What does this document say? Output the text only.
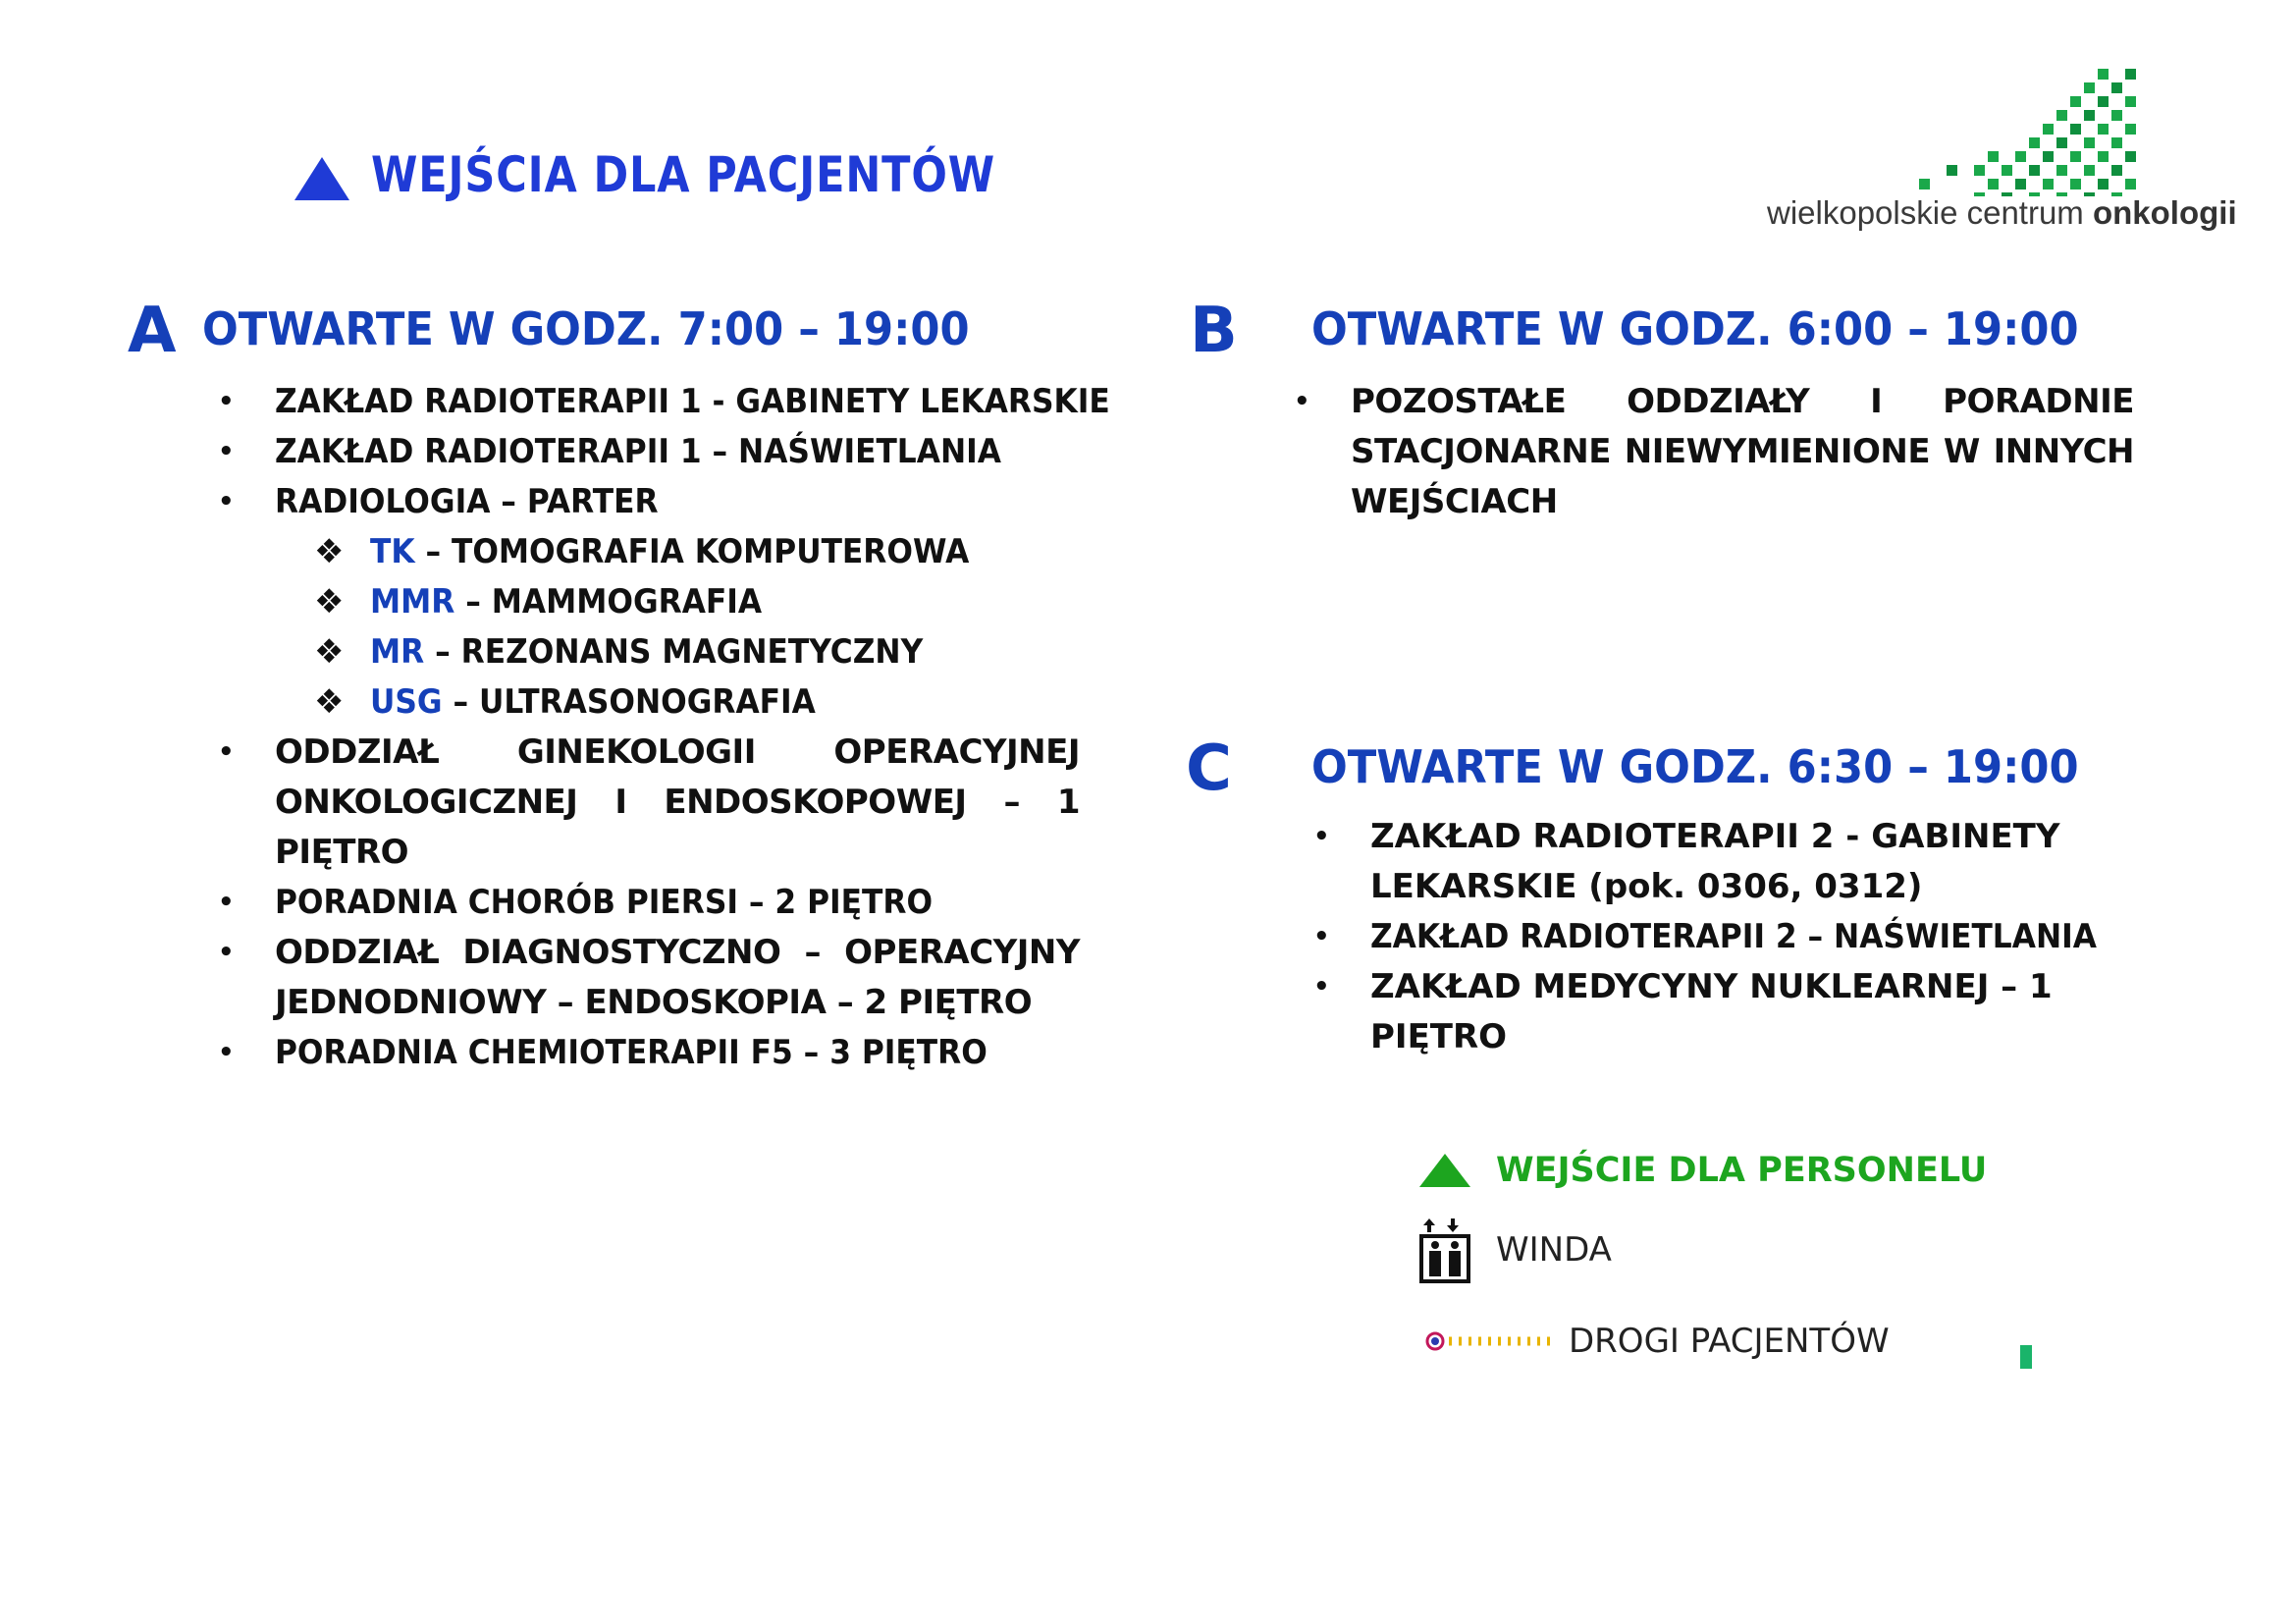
WEJŚCIA DLA PACJENTÓW
wielkopolskie centrum onkologii
A OTWARTE W GODZ. 7:00 – 19:00
• ZAKŁAD RADIOTERAPII 1 - GABINETY LEKARSKIE
• ZAKŁAD RADIOTERAPII 1 – NAŚWIETLANIA
• RADIOLOGIA – PARTER
❖ TK – TOMOGRAFIA KOMPUTEROWA
❖ MMR – MAMMOGRAFIA
❖ MR – REZONANS MAGNETYCZNY
❖ USG – ULTRASONOGRAFIA
• ODDZIAŁ GINEKOLOGII OPERACYJNEJ ONKOLOGICZNEJ I ENDOSKOPOWEJ – 1 PIĘTRO
• PORADNIA CHORÓB PIERSI – 2 PIĘTRO
• ODDZIAŁ DIAGNOSTYCZNO – OPERACYJNY JEDNODNIOWY – ENDOSKOPIA – 2 PIĘTRO
• PORADNIA CHEMIOTERAPII F5 – 3 PIĘTRO
B OTWARTE W GODZ. 6:00 – 19:00
• POZOSTAŁE ODDZIAŁY I PORADNIE STACJONARNE NIEWYMIENIONE W INNYCH WEJŚCIACH
C OTWARTE W GODZ. 6:30 – 19:00
• ZAKŁAD RADIOTERAPII 2 - GABINETY LEKARSKIE (pok. 0306, 0312)
• ZAKŁAD RADIOTERAPII 2 – NAŚWIETLANIA
• ZAKŁAD MEDYCYNY NUKLEARNEJ – 1 PIĘTRO
WEJŚCIE DLA PERSONELU
WINDA
DROGI PACJENTÓW
